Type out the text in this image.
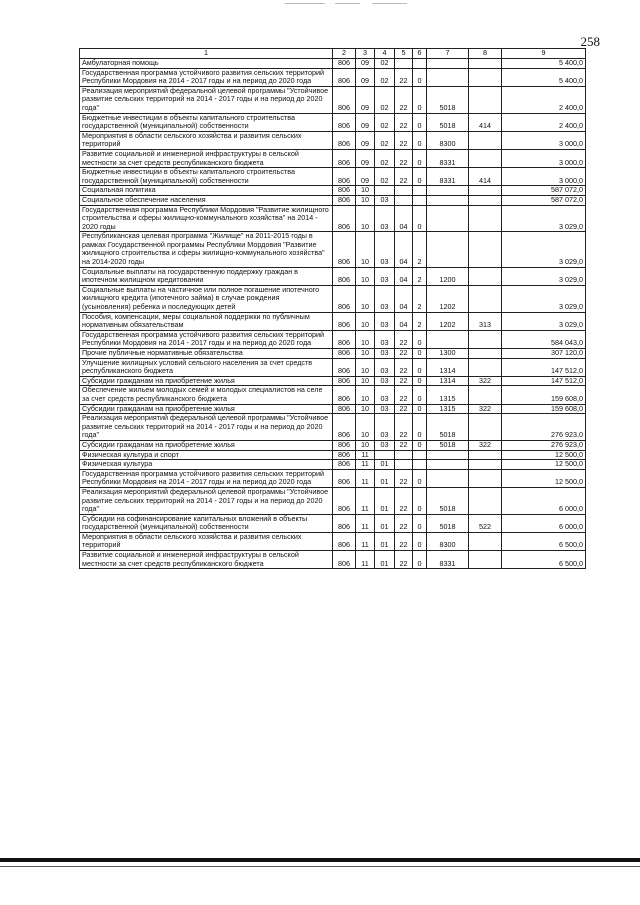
258
1	2	3	4	5	6	7	8	9
Амбулаторная помощь	806	09	02					5 400,0
Государственная программа устойчивого развития сельских территорий Республики Мордовия на 2014 - 2017 годы и на период до 2020 года	806	09	02	22	0			5 400,0
Реализация мероприятий федеральной целевой программы "Устойчивое развитие сельских территорий на 2014 - 2017 годы и на период до 2020 года"	806	09	02	22	0	5018		2 400,0
Бюджетные инвестиции в объекты капитального строительства государственной (муниципальной) собственности	806	09	02	22	0	5018	414	2 400,0
Мероприятия в области сельского хозяйства и развития сельских территорий	806	09	02	22	0	8300		3 000,0
Развитие социальной и инженерной инфраструктуры в сельской местности за счет средств республиканского бюджета	806	09	02	22	0	8331		3 000,0
Бюджетные инвестиции в объекты капитального строительства государственной (муниципальной) собственности	806	09	02	22	0	8331	414	3 000,0
Социальная политика	806	10						587 072,0
Социальное обеспечение населения	806	10	03					587 072,0
Государственная программа Республики Мордовия "Развитие жилищного строительства и сферы жилищно-коммунального хозяйства" на 2014 - 2020 годы	806	10	03	04	0			3 029,0
Республиканская целевая программа "Жилище" на 2011-2015 годы в рамках Государственной программы Республики Мордовия "Развитие жилищного строительства и сферы жилищно-коммунального хозяйства" на 2014-2020 годы	806	10	03	04	2			3 029,0
Социальные выплаты на государственную поддержку граждан в ипотечном жилищном кредитовании	806	10	03	04	2	1200		3 029,0
Социальные выплаты на частичное или полное погашение ипотечного жилищного кредита (ипотечного займа) в случае рождения (усыновления) ребенка и последующих детей	806	10	03	04	2	1202		3 029,0
Пособия, компенсации, меры социальной поддержки по публичным нормативным обязательствам	806	10	03	04	2	1202	313	3 029,0
Государственная программа устойчивого развития сельских территорий Республики Мордовия на 2014 - 2017 годы и на период до 2020 года	806	10	03	22	0			584 043,0
Прочие публичные нормативные обязательства	806	10	03	22	0	1300		307 120,0
Улучшение жилищных условий сельского населения за счет средств республиканского бюджета	806	10	03	22	0	1314		147 512,0
Субсидии гражданам на приобретение жилья	806	10	03	22	0	1314	322	147 512,0
Обеспечение жильем молодых семей и молодых специалистов на селе за счет средств республиканского бюджета	806	10	03	22	0	1315		159 608,0
Субсидии гражданам на приобретение жилья	806	10	03	22	0	1315	322	159 608,0
Реализация мероприятий федеральной целевой программы "Устойчивое развитие сельских территорий на 2014 - 2017 годы и на период до 2020 года"	806	10	03	22	0	5018		276 923,0
Субсидии гражданам на приобретение жилья	806	10	03	22	0	5018	322	276 923,0
Физическая культура и спорт	806	11						12 500,0
Физическая культура	806	11	01					12 500,0
Государственная программа устойчивого развития сельских территорий Республики Мордовия на 2014 - 2017 годы и на период до 2020 года	806	11	01	22	0			12 500,0
Реализация мероприятий федеральной целевой программы "Устойчивое развитие сельских территорий на 2014 - 2017 годы и на период до 2020 года"	806	11	01	22	0	5018		6 000,0
Субсидии на софинансирование капитальных вложений в объекты государственной (муниципальной) собственности	806	11	01	22	0	5018	522	6 000,0
Мероприятия в области сельского хозяйства и развития сельских территорий	806	11	01	22	0	8300		6 500,0
Развитие социальной и инженерной инфраструктуры в сельской местности за счет средств республиканского бюджета	806	11	01	22	0	8331		6 500,0
